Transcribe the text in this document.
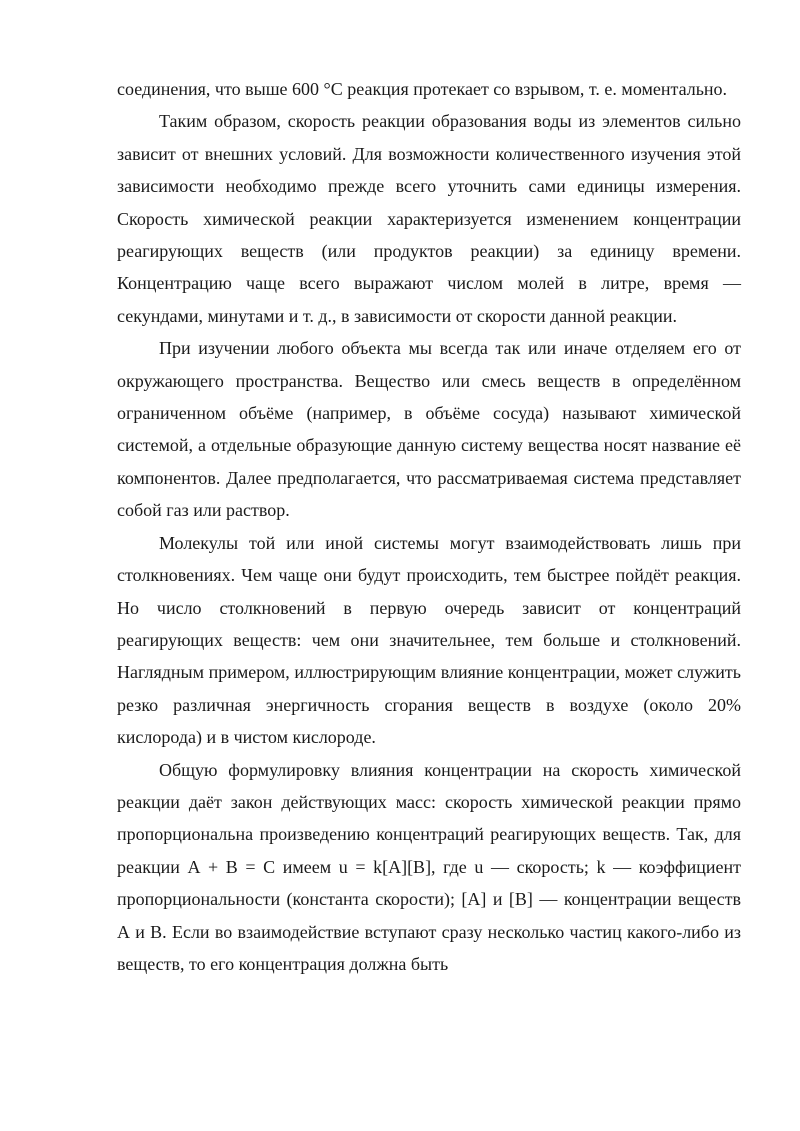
соединения, что выше 600 °С реакция протекает со взрывом, т. е. моментально.

Таким образом, скорость реакции образования воды из элементов сильно зависит от внешних условий. Для возможности количественного изучения этой зависимости необходимо прежде всего уточнить сами единицы измерения. Скорость химической реакции характеризуется изменением концентрации реагирующих веществ (или продуктов реакции) за единицу времени. Концентрацию чаще всего выражают числом молей в литре, время — секундами, минутами и т. д., в зависимости от скорости данной реакции.

При изучении любого объекта мы всегда так или иначе отделяем его от окружающего пространства. Вещество или смесь веществ в определённом ограниченном объёме (например, в объёме сосуда) называют химической системой, а отдельные образующие данную систему вещества носят название её компонентов. Далее предполагается, что рассматриваемая система представляет собой газ или раствор.

Молекулы той или иной системы могут взаимодействовать лишь при столкновениях. Чем чаще они будут происходить, тем быстрее пойдёт реакция. Но число столкновений в первую очередь зависит от концентраций реагирующих веществ: чем они значительнее, тем больше и столкновений. Наглядным примером, иллюстрирующим влияние концентрации, может служить резко различная энергичность сгорания веществ в воздухе (около 20% кислорода) и в чистом кислороде.

Общую формулировку влияния концентрации на скорость химической реакции даёт закон действующих масс: скорость химической реакции прямо пропорциональна произведению концентраций реагирующих веществ. Так, для реакции А + В = С имеем u = k[A][B], где u — скорость; k — коэффициент пропорциональности (константа скорости); [А] и [В] — концентрации веществ А и В. Если во взаимодействие вступают сразу несколько частиц какого-либо из веществ, то его концентрация должна быть
